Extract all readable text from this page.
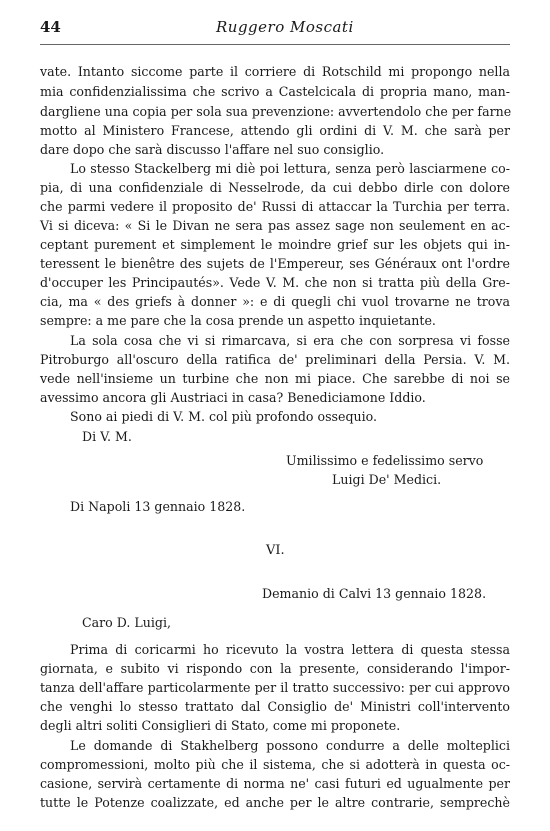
44	Ruggero Moscati
vate. Intanto siccome parte il corriere di Rotschild mi propongo nella
mia confidenzialissima che scrivo a Castelcicala di propria mano, man-
dargliene una copia per sola sua prevenzione: avvertendolo che per farne
motto al Ministero Francese, attendo gli ordini di V. M. che sarà per
dare dopo che sarà discusso l'affare nel suo consiglio.
Lo stesso Stackelberg mi diè poi lettura, senza però lasciarmene co-
pia, di una confidenziale di Nesselrode, da cui debbo dirle con dolore
che parmi vedere il proposito de' Russi di attaccar la Turchia per terra.
Vi si diceva: « Si le Divan ne sera pas assez sage non seulement en ac-
ceptant purement et simplement le moindre grief sur les objets qui in-
teressent le bienêtre des sujets de l'Empereur, ses Généraux ont l'ordre
d'occuper les Principautés». Vede V. M. che non si tratta più della Gre-
cia, ma « des griefs à donner »: e di quegli chi vuol trovarne ne trova
sempre: a me pare che la cosa prende un aspetto inquietante.
La sola cosa che vi si rimarcava, si era che con sorpresa vi fosse
Pitroburgo all'oscuro della ratifica de' preliminari della Persia. V. M.
vede nell'insieme un turbine che non mi piace. Che sarebbe di noi se
avessimo ancora gli Austriaci in casa? Benediciamone Iddio.
Sono ai piedi di V. M. col più profondo ossequio.
Di V. M.
Umilissimo e fedelissimo servo
Luigi De' Medici.
Di Napoli 13 gennaio 1828.
VI.
Demanio di Calvi 13 gennaio 1828.
Caro D. Luigi,
Prima di coricarmi ho ricevuto la vostra lettera di questa stessa
giornata, e subito vi rispondo con la presente, considerando l'impor-
tanza dell'affare particolarmente per il tratto successivo: per cui approvo
che venghi lo stesso trattato dal Consiglio de' Ministri coll'intervento
degli altri soliti Consiglieri di Stato, come mi proponete.
Le domande di Stakhelberg possono condurre a delle molteplici
compromessioni, molto più che il sistema, che si adotterà in questa oc-
casione, servirà certamente di norma ne' casi futuri ed ugualmente per
tutte le Potenze coalizzate, ed anche per le altre contrarie, semprechè
